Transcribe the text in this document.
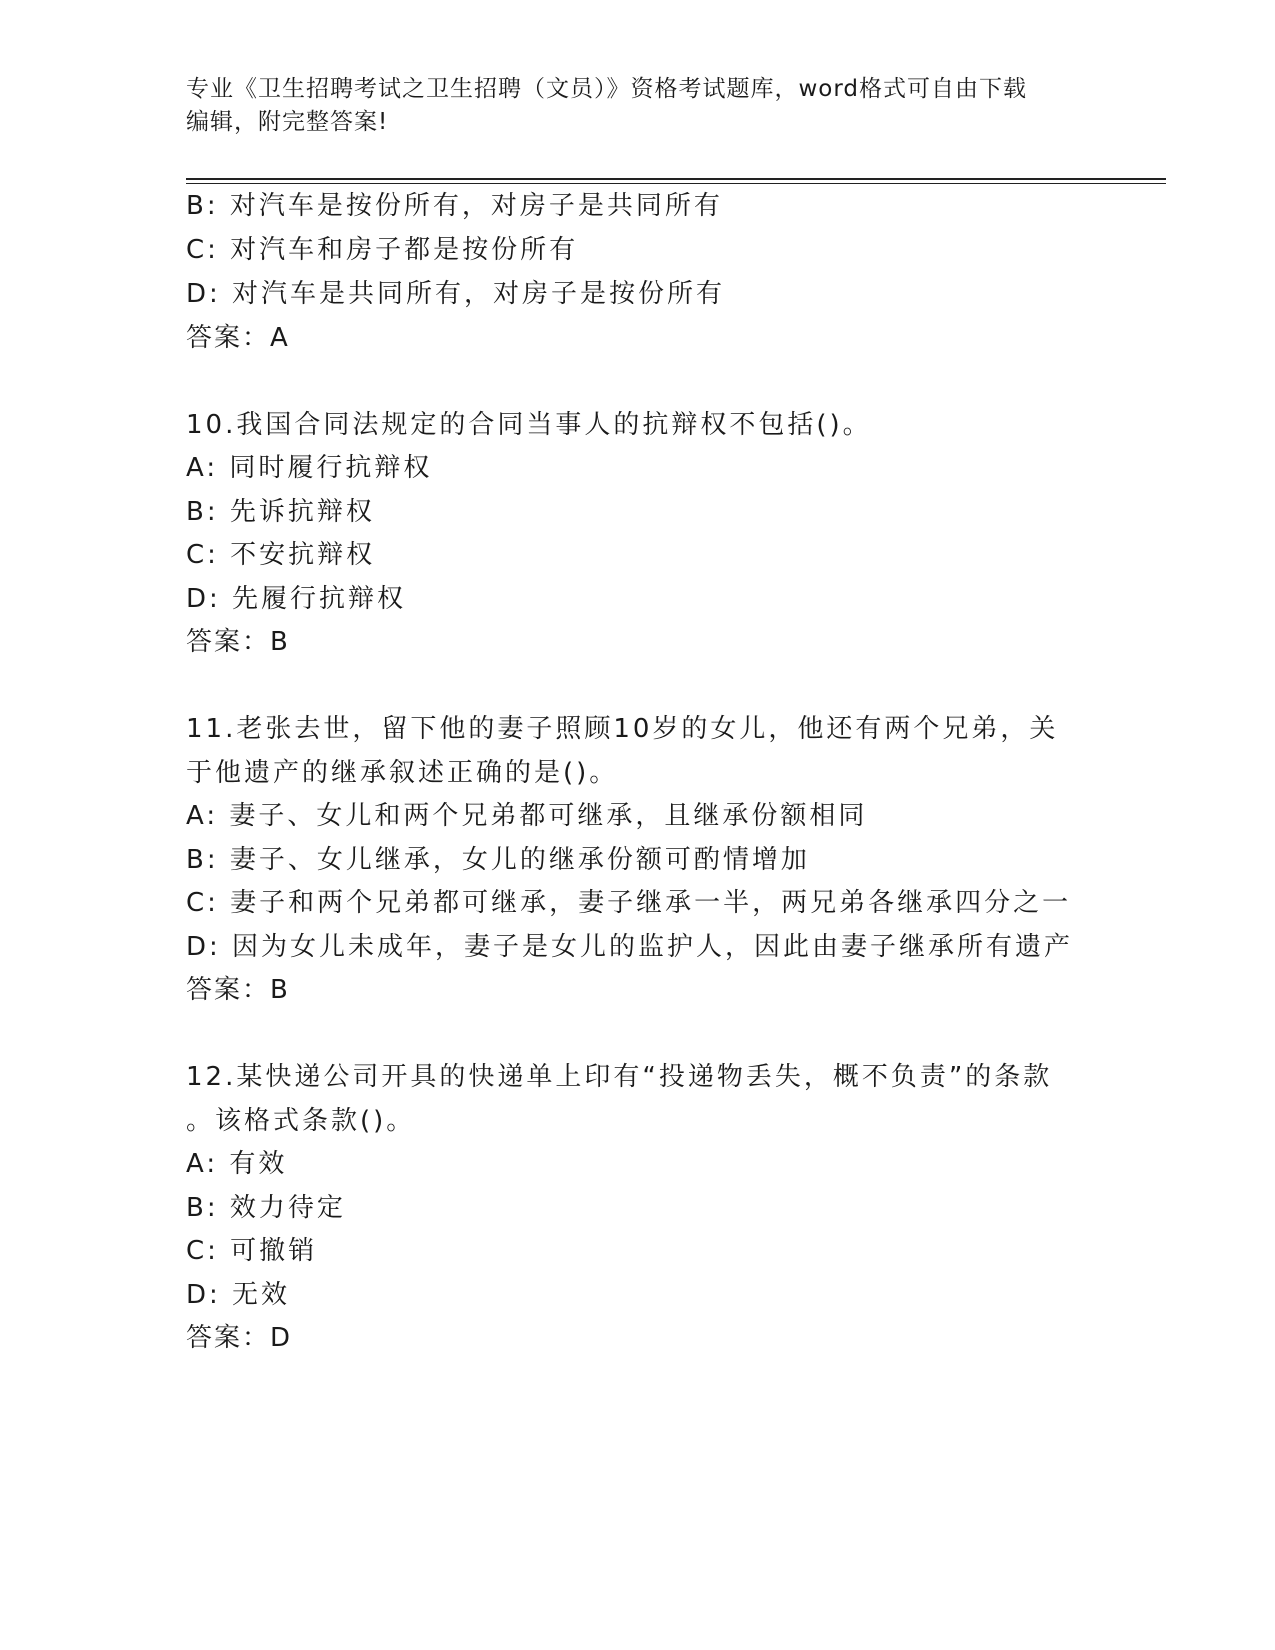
专业《卫生招聘考试之卫生招聘（文员）》资格考试题库，word格式可自由下载
编辑，附完整答案!
B: 对汽车是按份所有，对房子是共同所有
C: 对汽车和房子都是按份所有
D: 对汽车是共同所有，对房子是按份所有
答案：A
10.我国合同法规定的合同当事人的抗辩权不包括()。
A: 同时履行抗辩权
B: 先诉抗辩权
C: 不安抗辩权
D: 先履行抗辩权
答案：B
11.老张去世，留下他的妻子照顾10岁的女儿，他还有两个兄弟，关
于他遗产的继承叙述正确的是()。
A: 妻子、女儿和两个兄弟都可继承，且继承份额相同
B: 妻子、女儿继承，女儿的继承份额可酌情增加
C: 妻子和两个兄弟都可继承，妻子继承一半，两兄弟各继承四分之一
D: 因为女儿未成年，妻子是女儿的监护人，因此由妻子继承所有遗产
答案：B
12.某快递公司开具的快递单上印有“投递物丢失，概不负责”的条款
。该格式条款()。
A: 有效
B: 效力待定
C: 可撤销
D: 无效
答案：D
